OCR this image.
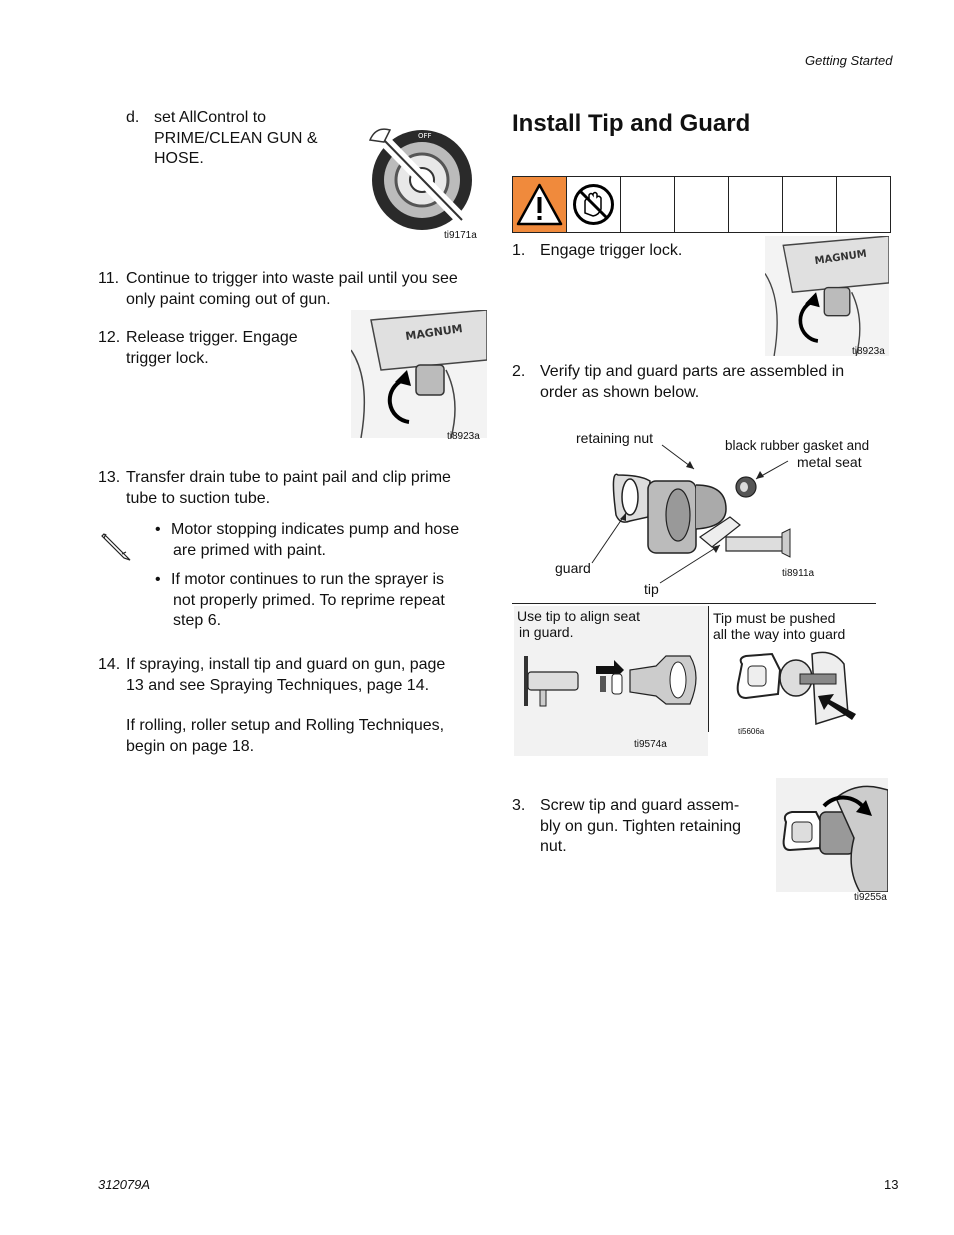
Getting Started
d. set AllControl to
PRIME/CLEAN GUN &
HOSE.
OFF
ti9171a
11. Continue to trigger into waste pail until you see
only paint coming out of gun.
12. Release trigger. Engage
trigger lock.
MAGNUM
ti8923a
13. Transfer drain tube to paint pail and clip prime
tube to suction tube.
• Motor stopping indicates pump and hose
are primed with paint.
• If motor continues to run the sprayer is
not properly primed. To reprime repeat
step 6.
14. If spraying, install tip and guard on gun, page
13 and see Spraying Techniques, page 14.
If rolling, roller setup and Rolling Techniques,
begin on page 18.
Install Tip and Guard

1. Engage trigger lock.	MAGNUM
ti8923a
2. Verify tip and guard parts are assembled in
order as shown below.
retaining nut	black rubber gasket and
metal seat
guard
tip
ti8911a
Use tip to align seat
in guard.
ti9574a
Tip must be pushed
all the way into guard
ti5606a
3. Screw tip and guard assem-
bly on gun. Tighten retaining
nut.
ti9255a
312079A	13
